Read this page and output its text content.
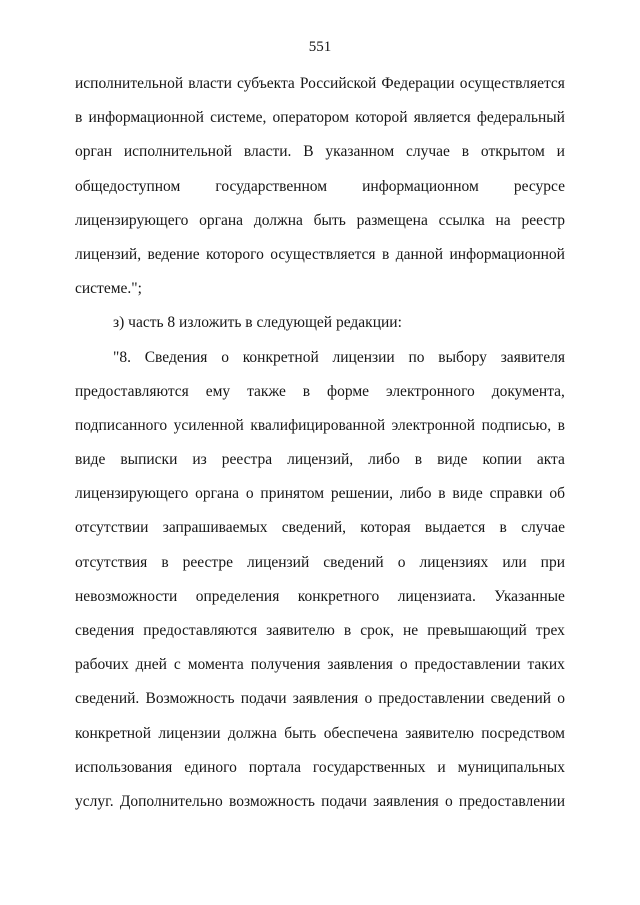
551
исполнительной власти субъекта Российской Федерации осуществляется
в информационной системе, оператором которой является федеральный
орган исполнительной власти. В указанном случае в открытом и
общедоступном государственном информационном ресурсе
лицензирующего органа должна быть размещена ссылка на реестр
лицензий, ведение которого осуществляется в данной информационной
системе.";
з) часть 8 изложить в следующей редакции:
"8. Сведения о конкретной лицензии по выбору заявителя
предоставляются ему также в форме электронного документа,
подписанного усиленной квалифицированной электронной подписью, в
виде выписки из реестра лицензий, либо в виде копии акта
лицензирующего органа о принятом решении, либо в виде справки об
отсутствии запрашиваемых сведений, которая выдается в случае
отсутствия в реестре лицензий сведений о лицензиях или при
невозможности определения конкретного лицензиата. Указанные
сведения предоставляются заявителю в срок, не превышающий трех
рабочих дней с момента получения заявления о предоставлении таких
сведений. Возможность подачи заявления о предоставлении сведений о
конкретной лицензии должна быть обеспечена заявителю посредством
использования единого портала государственных и муниципальных
услуг. Дополнительно возможность подачи заявления о предоставлении
